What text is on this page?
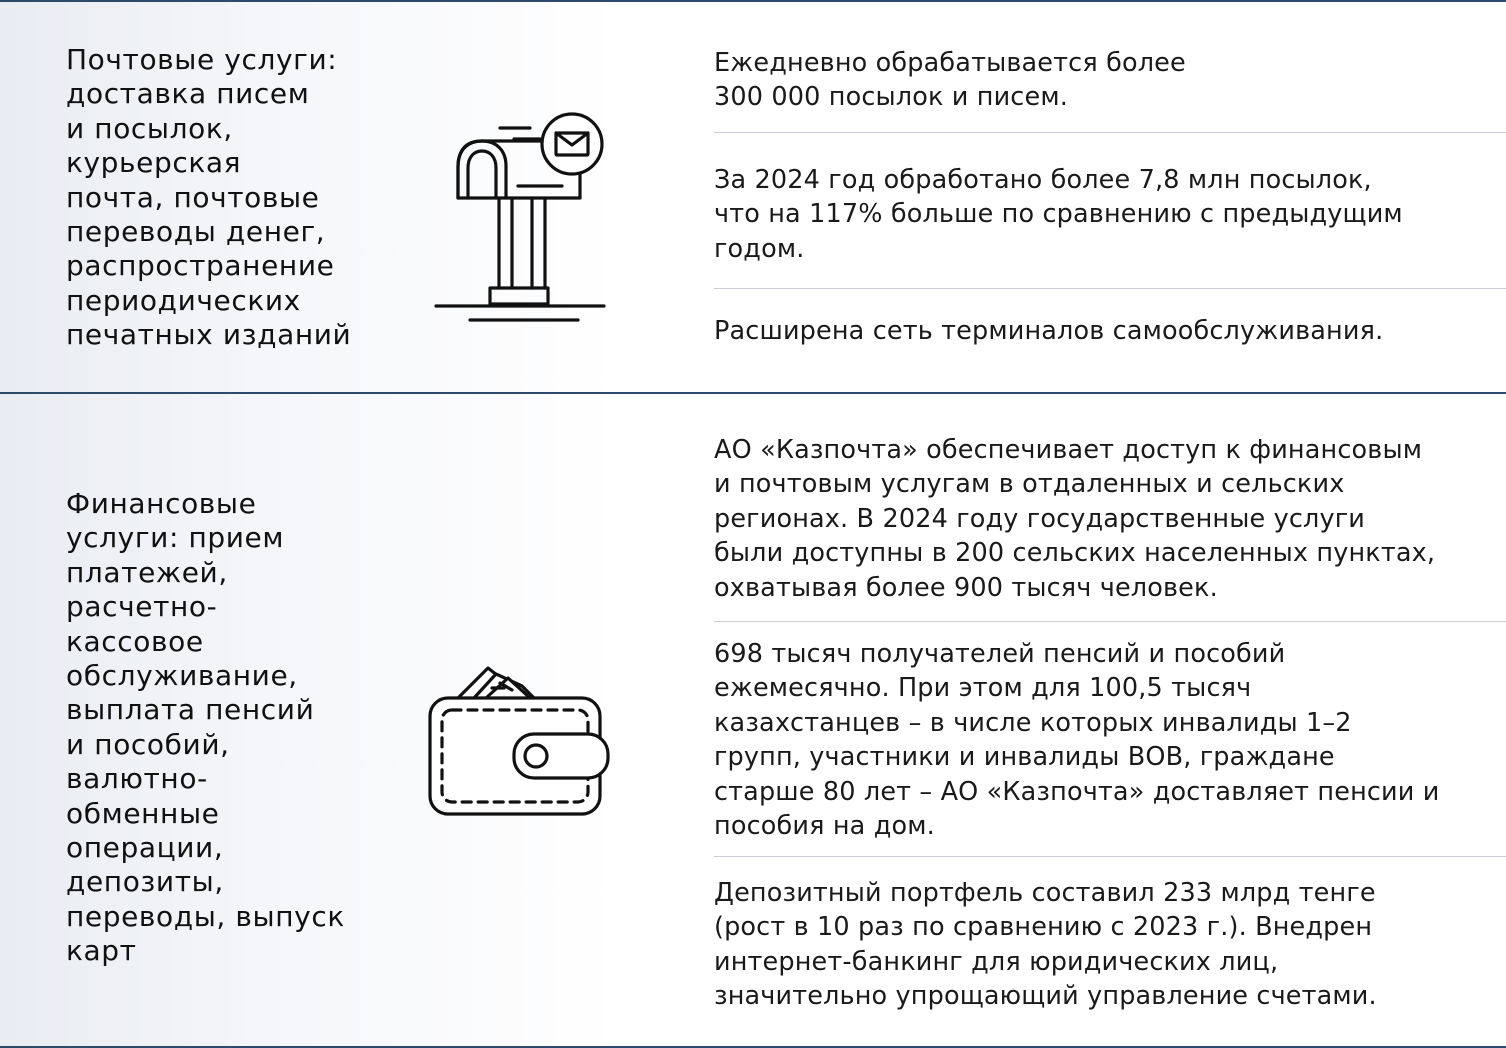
Почтовые услуги:
доставка писем
и посылок,
курьерская
почта, почтовые
переводы денег,
распространение
периодических
печатных изданий

Ежедневно обрабатывается более
300 000 посылок и писем.

За 2024 год обработано более 7,8 млн посылок,
что на 117% больше по сравнению с предыдущим
годом.

Расширена сеть терминалов самообслуживания.

Финансовые
услуги: прием
платежей,
расчетно-
кассовое
обслуживание,
выплата пенсий
и пособий,
валютно-
обменные
операции,
депозиты,
переводы, выпуск
карт

АО «Казпочта» обеспечивает доступ к финансовым
и почтовым услугам в отдаленных и сельских
регионах. В 2024 году государственные услуги
были доступны в 200 сельских населенных пунктах,
охватывая более 900 тысяч человек.

698 тысяч получателей пенсий и пособий
ежемесячно. При этом для 100,5 тысяч
казахстанцев – в числе которых инвалиды 1–2
групп, участники и инвалиды ВОВ, граждане
старше 80 лет – АО «Казпочта» доставляет пенсии и
пособия на дом.

Депозитный портфель составил 233 млрд тенге
(рост в 10 раз по сравнению с 2023 г.). Внедрен
интернет-банкинг для юридических лиц,
значительно упрощающий управление счетами.
